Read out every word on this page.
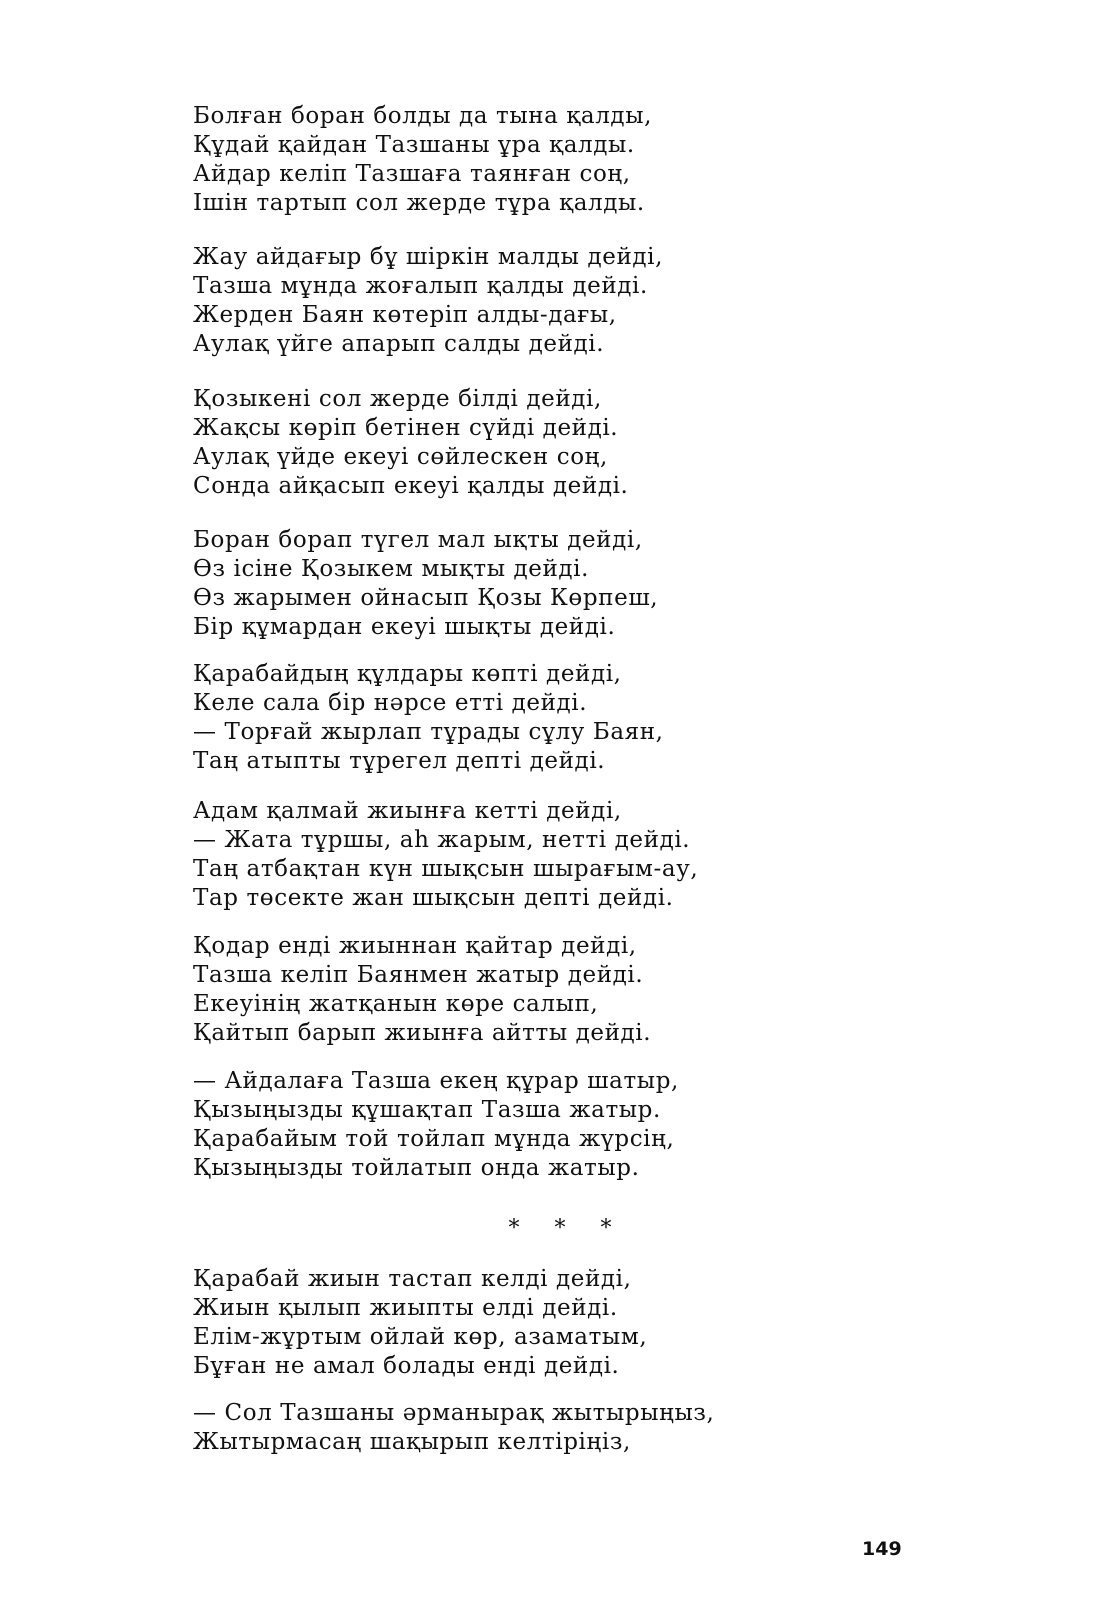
Болған боран болды да тына қалды,
Құдай қайдан Тазшаны ұра қалды.
Айдар келіп Тазшаға таянған соң,
Ішін тартып сол жерде тұра қалды.
Жау айдағыр бұ шіркін малды дейді,
Тазша мұнда жоғалып қалды дейді.
Жерден Баян көтеріп алды-дағы,
Аулақ үйге апарып салды дейді.
Қозыкені сол жерде білді дейді,
Жақсы көріп бетінен сүйді дейді.
Аулақ үйде екеуі сөйлескен соң,
Сонда айқасып екеуі қалды дейді.
Боран борап түгел мал ықты дейді,
Өз ісіне Қозыкем мықты дейді.
Өз жарымен ойнасып Қозы Көрпеш,
Бір құмардан екеуі шықты дейді.
Қарабайдың құлдары көпті дейді,
Келе сала бір нәрсе етті дейді.
— Торғай жырлап тұрады сұлу Баян,
Таң атыпты тұрегел депті дейді.
Адам қалмай жиынға кетті дейді,
— Жата тұршы, аһ жарым, нетті дейді.
Таң атбақтан күн шықсын шырағым-ау,
Тар төсекте жан шықсын депті дейді.
Қодар енді жиыннан қайтар дейді,
Тазша келіп Баянмен жатыр дейді.
Екеуінің жатқанын көре салып,
Қайтып барып жиынға айтты дейді.
— Айдалаға Тазша екең құрар шатыр,
Қызыңызды құшақтап Тазша жатыр.
Қарабайым той тойлап мұнда жүрсің,
Қызыңызды тойлатып онда жатыр.
* * *
Қарабай жиын тастап келді дейді,
Жиын қылып жиыпты елді дейді.
Елім-жұртым ойлай көр, азаматым,
Бұған не амал болады енді дейді.
— Сол Тазшаны әрманырақ жытырыңыз,
Жытырмасаң шақырып келтіріңіз,
149
